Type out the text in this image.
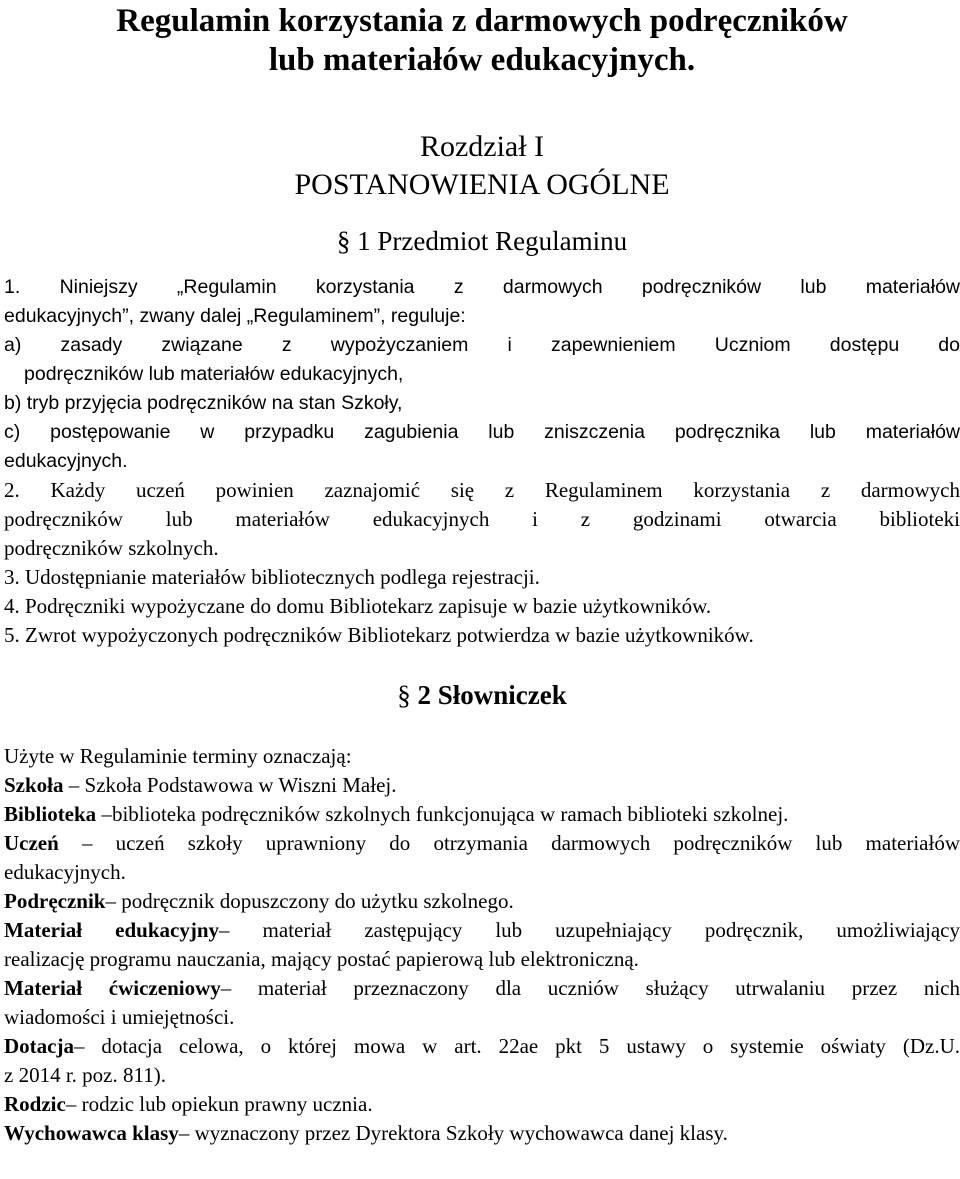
Regulamin korzystania z darmowych podręczników
lub materiałów edukacyjnych.

Rozdział I

POSTANOWIENIA OGÓLNE

§ 1 Przedmiot Regulaminu

1. Niniejszy „Regulamin korzystania z darmowych podręczników lub materiałów

edukacyjnych”, zwany dalej „Regulaminem”, reguluje:

a) zasady związane z wypożyczaniem i zapewnieniem Uczniom dostępu do

podręczników lub materiałów edukacyjnych,

b) tryb przyjęcia podręczników na stan Szkoły,

c) postępowanie w przypadku zagubienia lub zniszczenia podręcznika lub materiałów

edukacyjnych.

2. Każdy uczeń powinien zaznajomić się z Regulaminem korzystania z darmowych

podręczników lub materiałów edukacyjnych i z godzinami otwarcia biblioteki

podręczników szkolnych.

3. Udostępnianie materiałów bibliotecznych podlega rejestracji.

4. Podręczniki wypożyczane do domu Bibliotekarz zapisuje w bazie użytkowników.

5. Zwrot wypożyczonych podręczników Bibliotekarz potwierdza w bazie użytkowników.

§ 2 Słowniczek

Użyte w Regulaminie terminy oznaczają:

Szkoła – Szkoła Podstawowa w Wiszni Małej.

Biblioteka –biblioteka podręczników szkolnych funkcjonująca w ramach biblioteki szkolnej.

Uczeń – uczeń szkoły uprawniony do otrzymania darmowych podręczników lub materiałów

edukacyjnych.

Podręcznik– podręcznik dopuszczony do użytku szkolnego.

Materiał edukacyjny– materiał zastępujący lub uzupełniający podręcznik, umożliwiający

realizację programu nauczania, mający postać papierową lub elektroniczną.

Materiał ćwiczeniowy– materiał przeznaczony dla uczniów służący utrwalaniu przez nich

wiadomości i umiejętności.

Dotacja– dotacja celowa, o której mowa w art. 22ae pkt 5 ustawy o systemie oświaty (Dz.U.

z 2014 r. poz. 811).

Rodzic– rodzic lub opiekun prawny ucznia.

Wychowawca klasy– wyznaczony przez Dyrektora Szkoły wychowawca danej klasy.
